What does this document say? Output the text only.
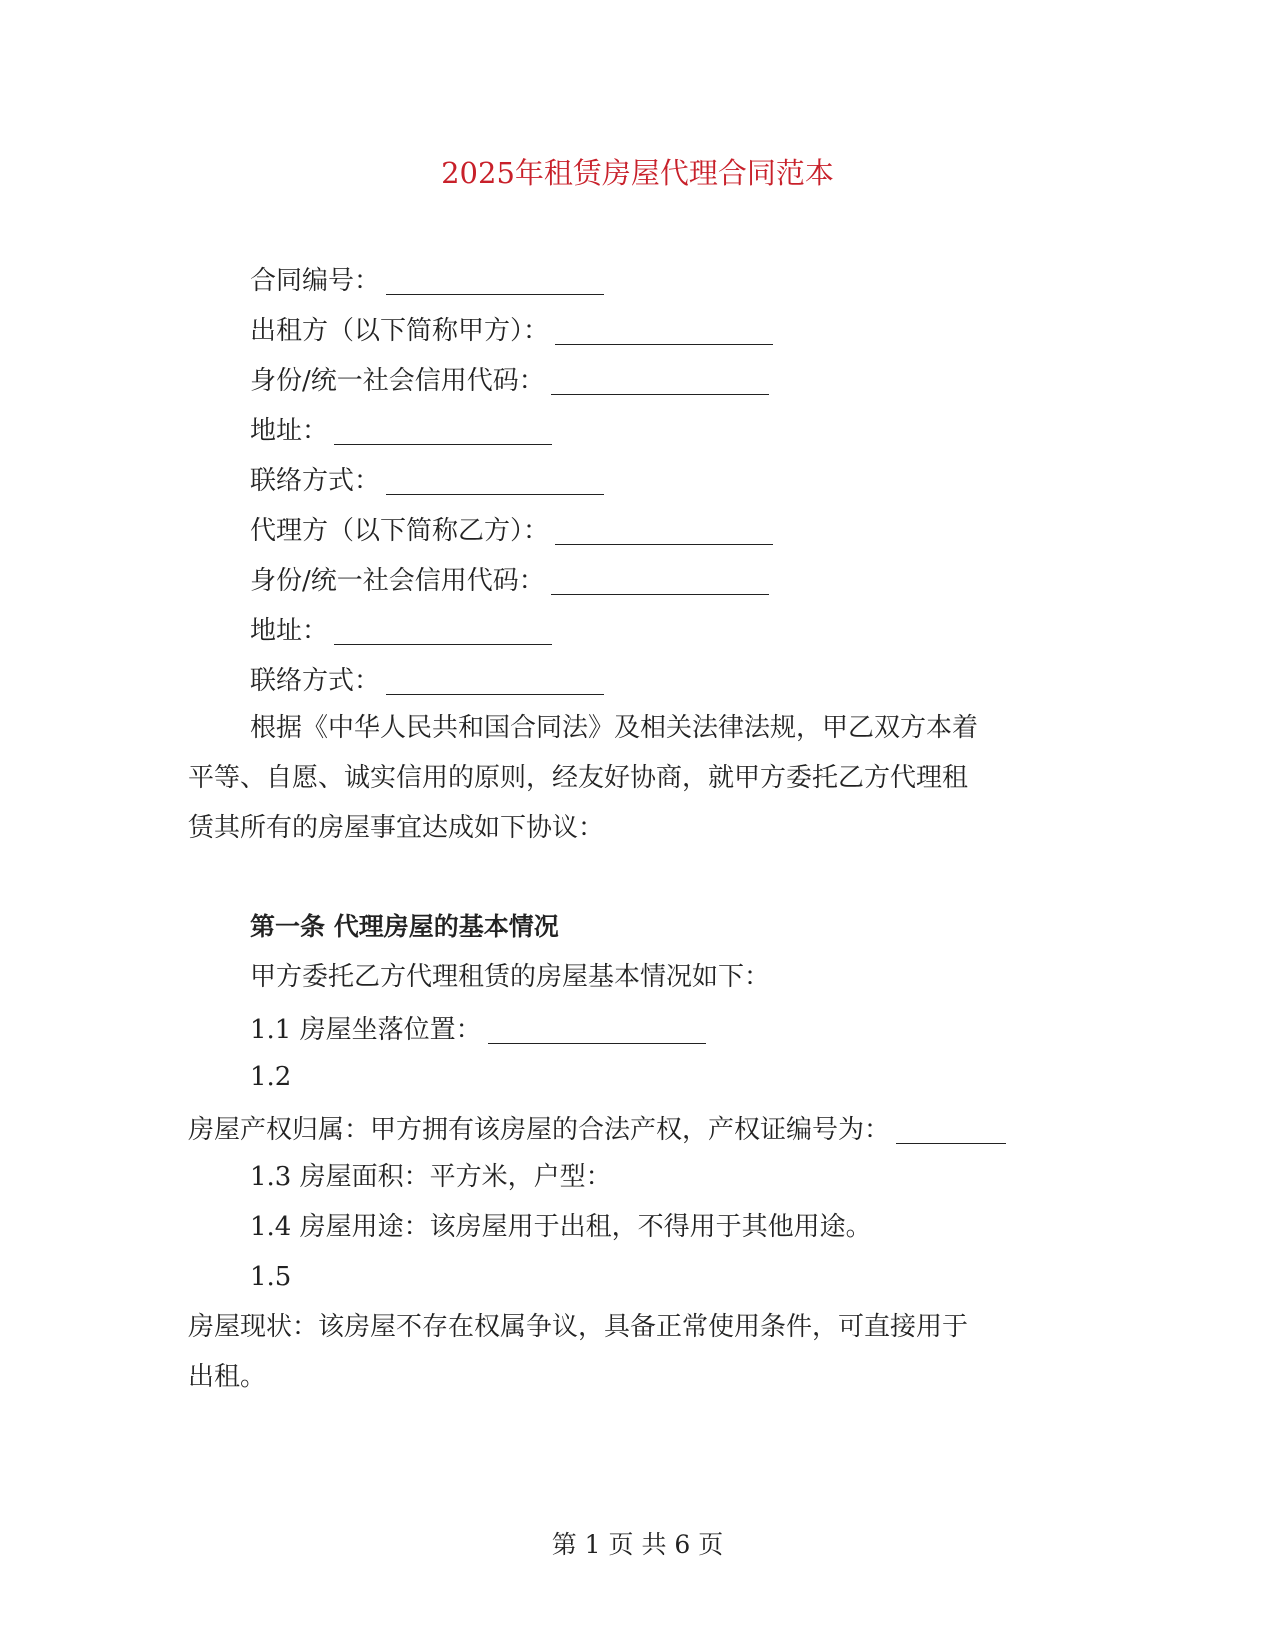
2025年租赁房屋代理合同范本
合同编号：
出租方（以下简称甲方）：
身份/统一社会信用代码：
地址：
联络方式：
代理方（以下简称乙方）：
身份/统一社会信用代码：
地址：
联络方式：
根据《中华人民共和国合同法》及相关法律法规，甲乙双方本着
平等、自愿、诚实信用的原则，经友好协商，就甲方委托乙方代理租
赁其所有的房屋事宜达成如下协议：
第一条 代理房屋的基本情况
甲方委托乙方代理租赁的房屋基本情况如下：
1.1 房屋坐落位置：
1.2
房屋产权归属：甲方拥有该房屋的合法产权，产权证编号为：
1.3 房屋面积：平方米，户型：
1.4 房屋用途：该房屋用于出租，不得用于其他用途。
1.5
房屋现状：该房屋不存在权属争议，具备正常使用条件，可直接用于
出租。
第 1 页 共 6 页
